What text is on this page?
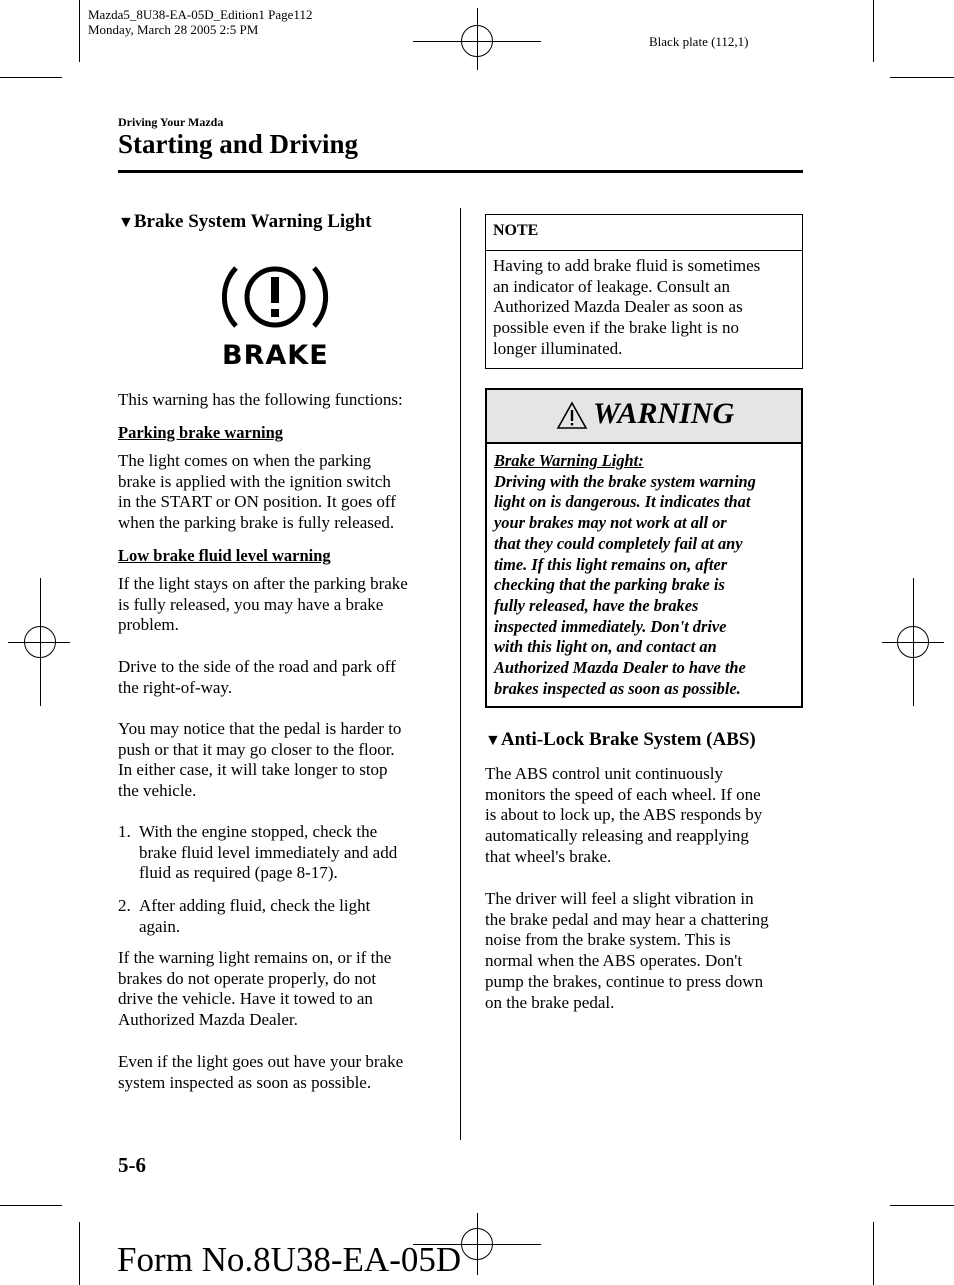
Mazda5_8U38-EA-05D_Edition1 Page112
Monday, March 28 2005 2:5 PM
Black plate (112,1)
Driving Your Mazda
Starting and Driving
▼Brake System Warning Light
BRAKE
This warning has the following functions:
Parking brake warning
The light comes on when the parking
brake is applied with the ignition switch
in the START or ON position. It goes off
when the parking brake is fully released.
Low brake fluid level warning
If the light stays on after the parking brake
is fully released, you may have a brake
problem.
Drive to the side of the road and park off
the right-of-way.
You may notice that the pedal is harder to
push or that it may go closer to the floor.
In either case, it will take longer to stop
the vehicle.
1. With the engine stopped, check the
brake fluid level immediately and add
fluid as required (page 8-17).
2. After adding fluid, check the light
again.
If the warning light remains on, or if the
brakes do not operate properly, do not
drive the vehicle. Have it towed to an
Authorized Mazda Dealer.
Even if the light goes out have your brake
system inspected as soon as possible.
NOTE
Having to add brake fluid is sometimes
an indicator of leakage. Consult an
Authorized Mazda Dealer as soon as
possible even if the brake light is no
longer illuminated.
WARNING
Brake Warning Light:
Driving with the brake system warning
light on is dangerous. It indicates that
your brakes may not work at all or
that they could completely fail at any
time. If this light remains on, after
checking that the parking brake is
fully released, have the brakes
inspected immediately. Don't drive
with this light on, and contact an
Authorized Mazda Dealer to have the
brakes inspected as soon as possible.
▼Anti-Lock Brake System (ABS)
The ABS control unit continuously
monitors the speed of each wheel. If one
is about to lock up, the ABS responds by
automatically releasing and reapplying
that wheel's brake.
The driver will feel a slight vibration in
the brake pedal and may hear a chattering
noise from the brake system. This is
normal when the ABS operates. Don't
pump the brakes, continue to press down
on the brake pedal.
5-6
Form No.8U38-EA-05D
